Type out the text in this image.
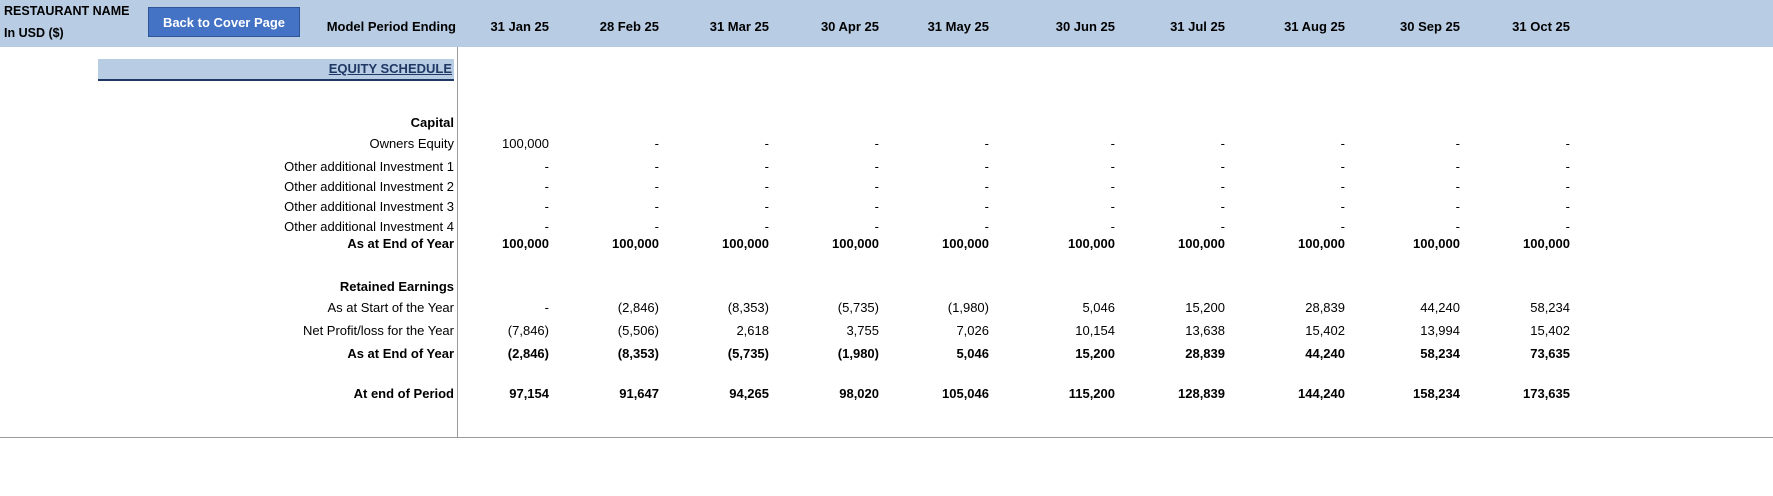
RESTAURANT NAME
In USD ($)
Back to Cover Page	Model Period Ending	31 Jan 25	28 Feb 25	31 Mar 25	30 Apr 25	31 May 25	30 Jun 25	31 Jul 25	31 Aug 25	30 Sep 25	31 Oct 25
EQUITY SCHEDULE
Capital
Owners Equity	100,000	-	-	-	-	-	-	-	-	-
Other additional Investment 1	-	-	-	-	-	-	-	-	-	-
Other additional Investment 2	-	-	-	-	-	-	-	-	-	-
Other additional Investment 3	-	-	-	-	-	-	-	-	-	-
Other additional Investment 4	-	-	-	-	-	-	-	-	-	-
As at End of Year	100,000	100,000	100,000	100,000	100,000	100,000	100,000	100,000	100,000	100,000
Retained Earnings
As at Start of the Year	-	(2,846)	(8,353)	(5,735)	(1,980)	5,046	15,200	28,839	44,240	58,234
Net Profit/loss for the Year	(7,846)	(5,506)	2,618	3,755	7,026	10,154	13,638	15,402	13,994	15,402
As at End of Year	(2,846)	(8,353)	(5,735)	(1,980)	5,046	15,200	28,839	44,240	58,234	73,635
At end of Period	97,154	91,647	94,265	98,020	105,046	115,200	128,839	144,240	158,234	173,635
